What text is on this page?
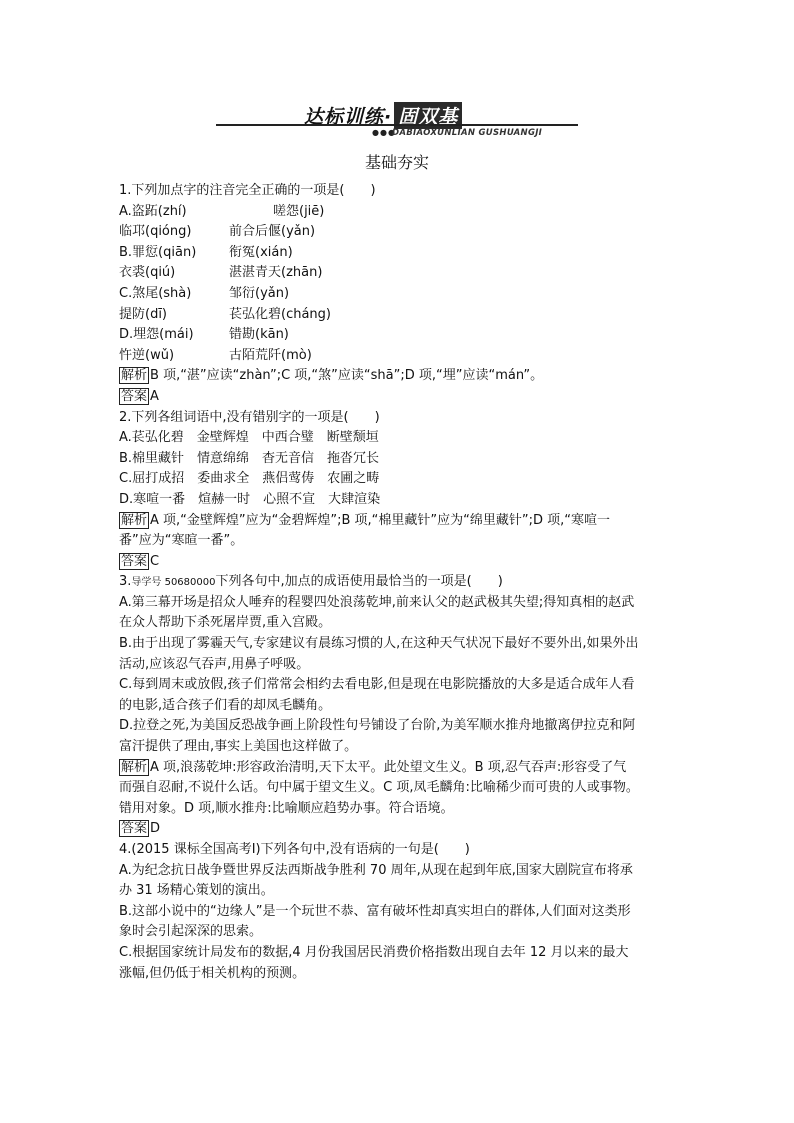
达标训练· 固双基
●●●
DABIAOXUNLIAN GUSHUANGJI
基础夯实
1.下列加点字的注音完全正确的一项是(　　)
A.盗跖(zhí)	嗟怨(jiē)
临邛(qióng)	前合后偃(yǎn)
B.罪愆(qiān)	衔冤(xián)
衣裘(qiú)	湛湛青天(zhān)
C.煞尾(shà)	邹衍(yǎn)
提防(dī)	苌弘化碧(cháng)
D.埋怨(mái)	错勘(kān)
忤逆(wǔ)	古陌荒阡(mò)
解析 B 项,“湛”应读“zhàn”;C 项,“煞”应读“shā”;D 项,“埋”应读“mán”。
答案 A
2.下列各组词语中,没有错别字的一项是(　　)
A.苌弘化碧　金壁辉煌　中西合璧　断壁颓垣
B.棉里藏针　情意绵绵　杳无音信　拖沓冗长
C.屈打成招　委曲求全　燕侣莺俦　农圃之畴
D.寒喧一番　煊赫一时　心照不宣　大肆渲染
解析 A 项,“金壁辉煌”应为“金碧辉煌”;B 项,“棉里藏针”应为“绵里藏针”;D 项,“寒喧一番”应为“寒暄一番”。
答案 C
3.导学号 50680000下列各句中,加点的成语使用最恰当的一项是(　　)
A.第三幕开场是招众人唾弃的程婴四处浪荡乾坤,前来认父的赵武极其失望;得知真相的赵武在众人帮助下杀死屠岸贾,重入宫殿。
B.由于出现了雾霾天气,专家建议有晨练习惯的人,在这种天气状况下最好不要外出,如果外出活动,应该忍气吞声,用鼻子呼吸。
C.每到周末或放假,孩子们常常会相约去看电影,但是现在电影院播放的大多是适合成年人看的电影,适合孩子们看的却凤毛麟角。
D.拉登之死,为美国反恐战争画上阶段性句号铺设了台阶,为美军顺水推舟地撤离伊拉克和阿富汗提供了理由,事实上美国也这样做了。
解析 A 项,浪荡乾坤:形容政治清明,天下太平。此处望文生义。B 项,忍气吞声:形容受了气而强自忍耐,不说什么话。句中属于望文生义。C 项,凤毛麟角:比喻稀少而可贵的人或事物。错用对象。D 项,顺水推舟:比喻顺应趋势办事。符合语境。
答案 D
4.(2015 课标全国高考Ⅰ)下列各句中,没有语病的一句是(　　)
A.为纪念抗日战争暨世界反法西斯战争胜利 70 周年,从现在起到年底,国家大剧院宣布将承办 31 场精心策划的演出。
B.这部小说中的“边缘人”是一个玩世不恭、富有破坏性却真实坦白的群体,人们面对这类形象时会引起深深的思索。
C.根据国家统计局发布的数据,4 月份我国居民消费价格指数出现自去年 12 月以来的最大涨幅,但仍低于相关机构的预测。
